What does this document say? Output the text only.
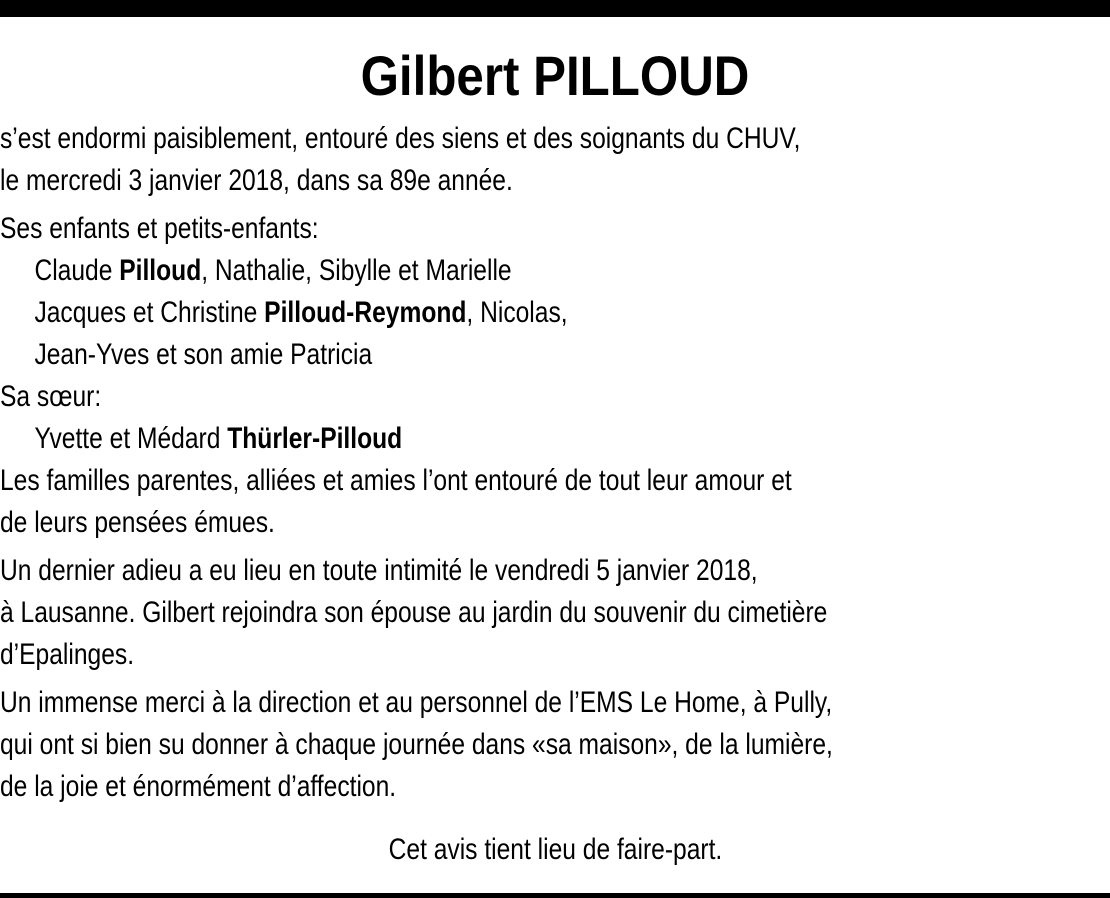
Gilbert PILLOUD

s’est endormi paisiblement, entouré des siens et des soignants du CHUV,

le mercredi 3 janvier 2018, dans sa 89e année.

Ses enfants et petits-enfants:

Claude Pilloud, Nathalie, Sibylle et Marielle

Jacques et Christine Pilloud-Reymond, Nicolas,

Jean-Yves et son amie Patricia

Sa sœur:

Yvette et Médard Thürler-Pilloud

Les familles parentes, alliées et amies l’ont entouré de tout leur amour et

de leurs pensées émues.

Un dernier adieu a eu lieu en toute intimité le vendredi 5 janvier 2018,

à Lausanne. Gilbert rejoindra son épouse au jardin du souvenir du cimetière

d’Epalinges.

Un immense merci à la direction et au personnel de l’EMS Le Home, à Pully,

qui ont si bien su donner à chaque journée dans «sa maison», de la lumière,

de la joie et énormément d’affection.

Cet avis tient lieu de faire-part.
